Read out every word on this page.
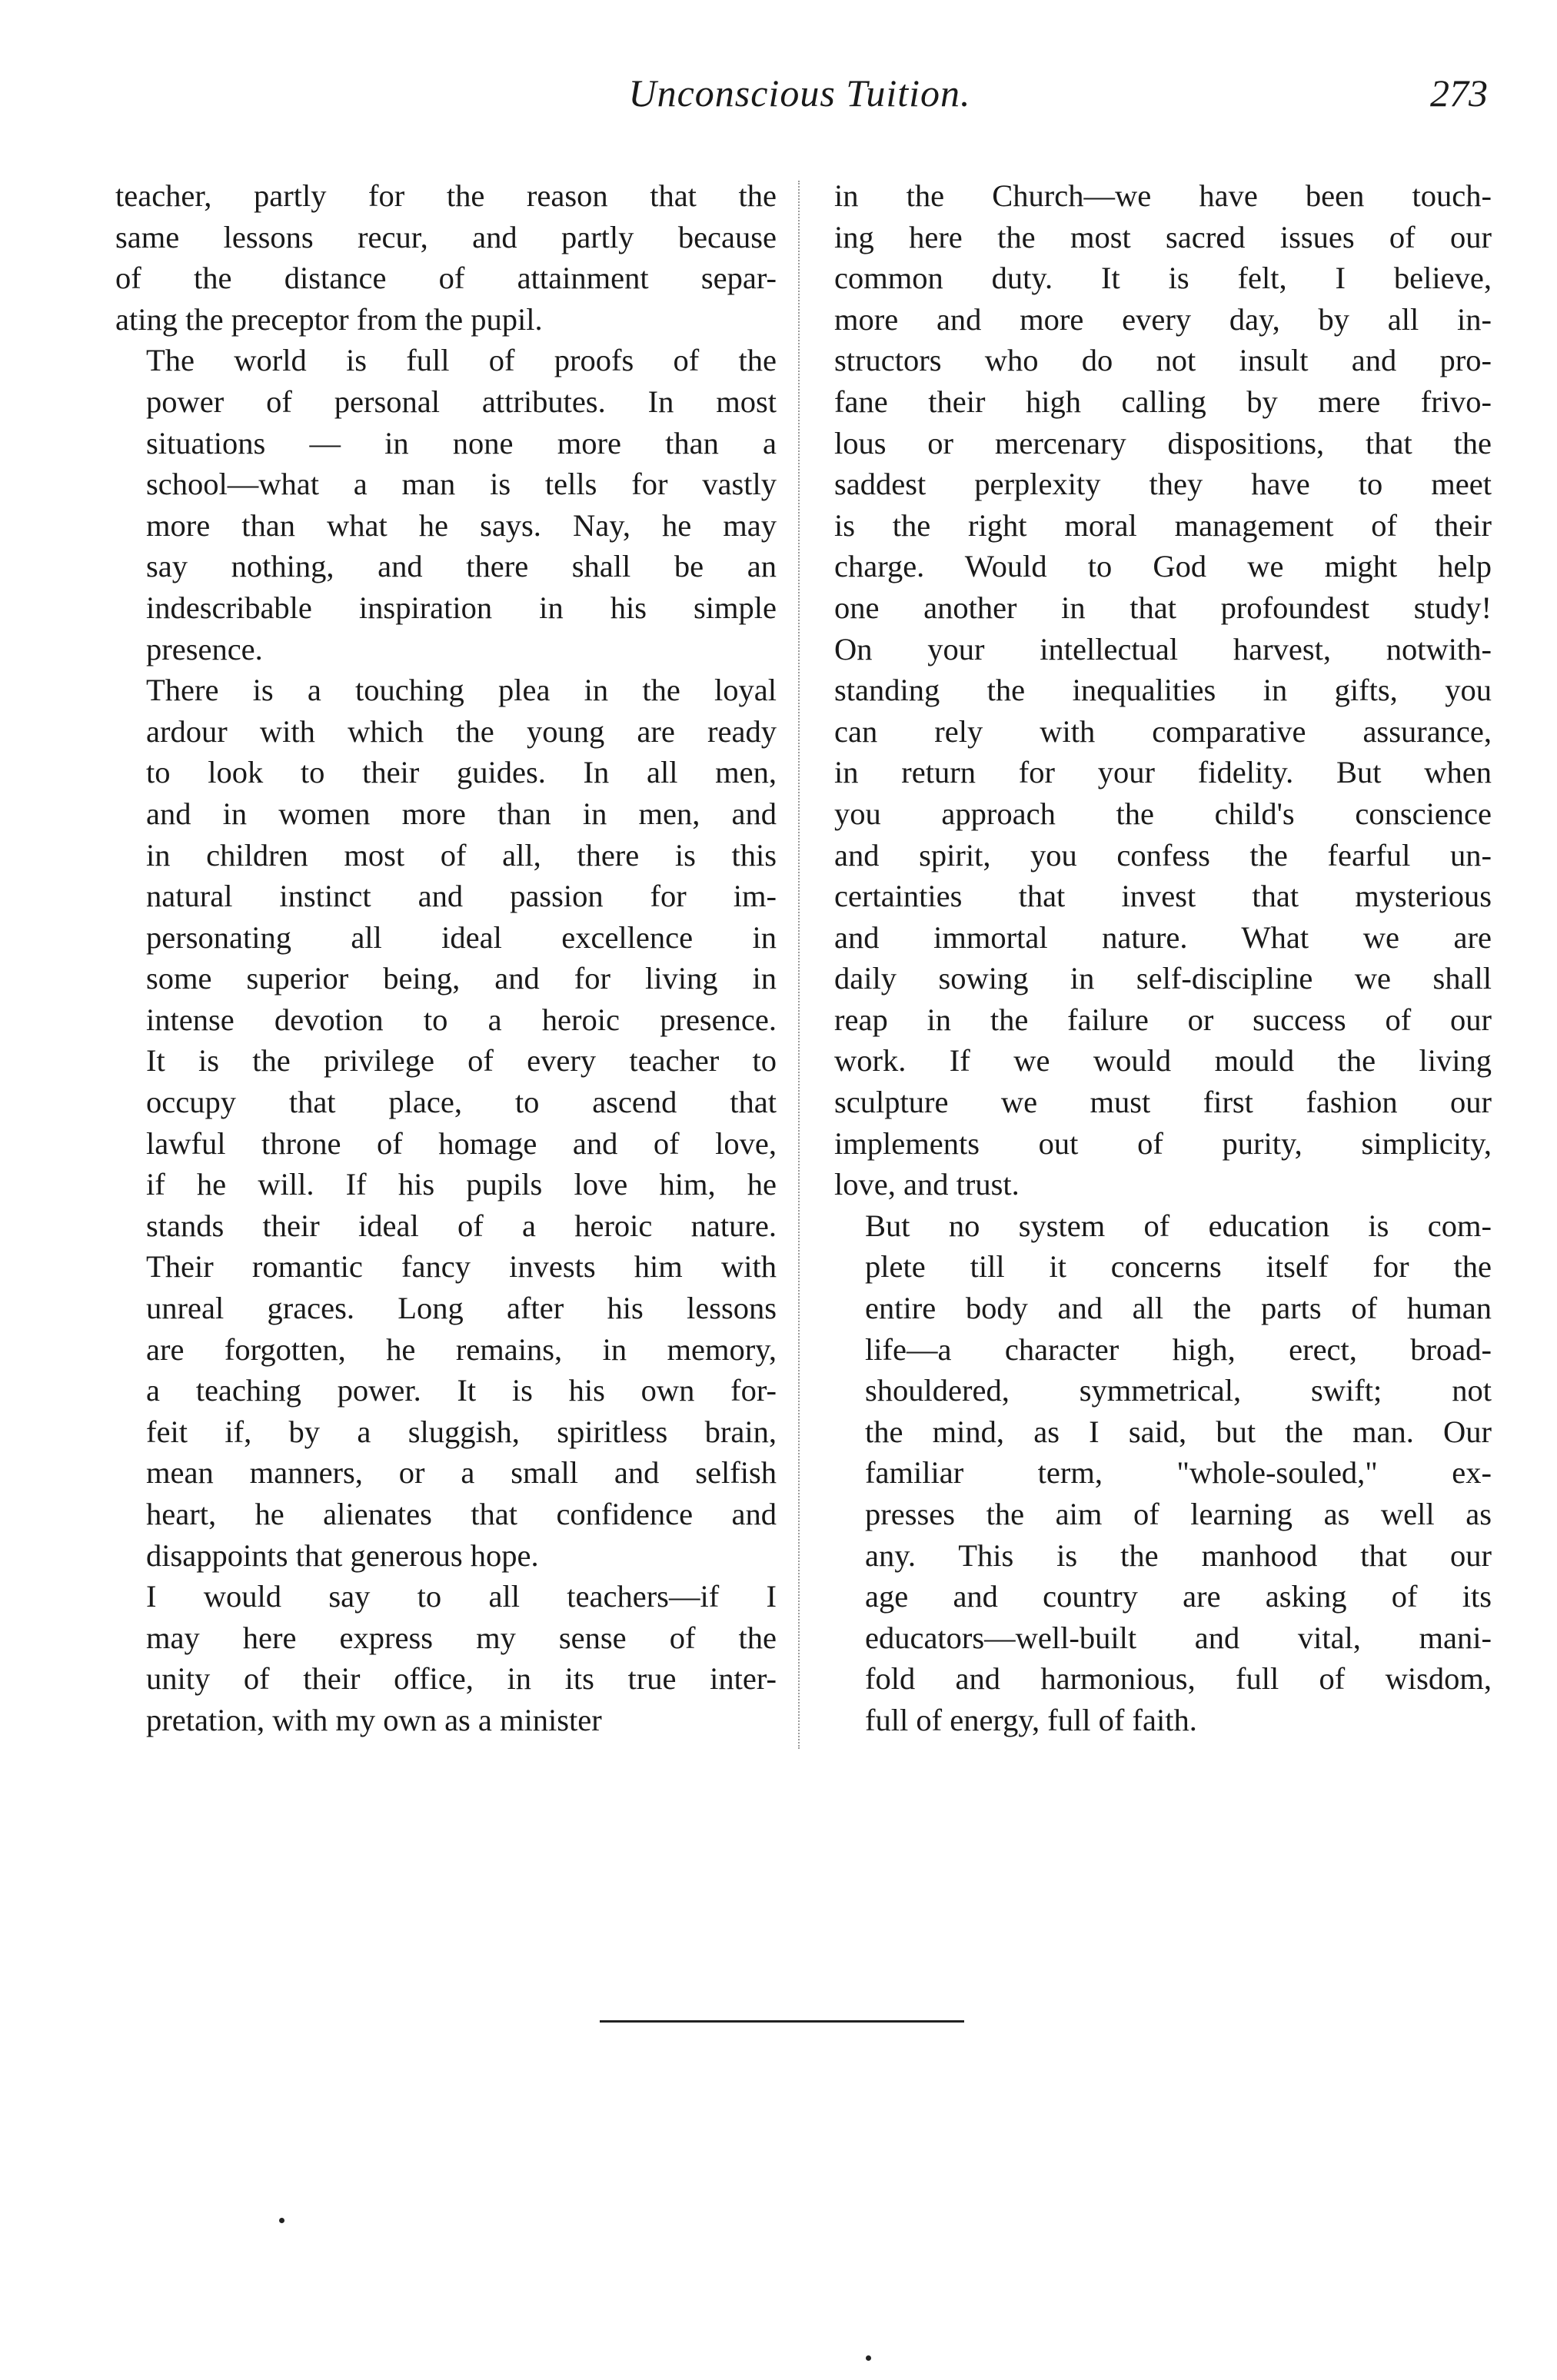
Unconscious Tuition.	273

teacher, partly for the reason that the
same lessons recur, and partly because
of the distance of attainment separ-
ating the preceptor from the pupil.

The world is full of proofs of the
power of personal attributes. In most
situations — in none more than a
school—what a man is tells for vastly
more than what he says. Nay, he may
say nothing, and there shall be an
indescribable inspiration in his simple
presence.

There is a touching plea in the loyal
ardour with which the young are ready
to look to their guides. In all men,
and in women more than in men, and
in children most of all, there is this
natural instinct and passion for im-
personating all ideal excellence in
some superior being, and for living in
intense devotion to a heroic presence.
It is the privilege of every teacher to
occupy that place, to ascend that
lawful throne of homage and of love,
if he will. If his pupils love him, he
stands their ideal of a heroic nature.
Their romantic fancy invests him with
unreal graces. Long after his lessons
are forgotten, he remains, in memory,
a teaching power. It is his own for-
feit if, by a sluggish, spiritless brain,
mean manners, or a small and selfish
heart, he alienates that confidence and
disappoints that generous hope.

I would say to all teachers—if I
may here express my sense of the
unity of their office, in its true inter-
pretation, with my own as a minister

in the Church—we have been touch-
ing here the most sacred issues of our
common duty. It is felt, I believe,
more and more every day, by all in-
structors who do not insult and pro-
fane their high calling by mere frivo-
lous or mercenary dispositions, that the
saddest perplexity they have to meet
is the right moral management of their
charge. Would to God we might help
one another in that profoundest study!
On your intellectual harvest, notwith-
standing the inequalities in gifts, you
can rely with comparative assurance,
in return for your fidelity. But when
you approach the child's conscience
and spirit, you confess the fearful un-
certainties that invest that mysterious
and immortal nature. What we are
daily sowing in self-discipline we shall
reap in the failure or success of our
work. If we would mould the living
sculpture we must first fashion our
implements out of purity, simplicity,
love, and trust.

But no system of education is com-
plete till it concerns itself for the
entire body and all the parts of human
life—a character high, erect, broad-
shouldered, symmetrical, swift; not
the mind, as I said, but the man. Our
familiar term, "whole-souled," ex-
presses the aim of learning as well as
any. This is the manhood that our
age and country are asking of its
educators—well-built and vital, mani-
fold and harmonious, full of wisdom,
full of energy, full of faith.
